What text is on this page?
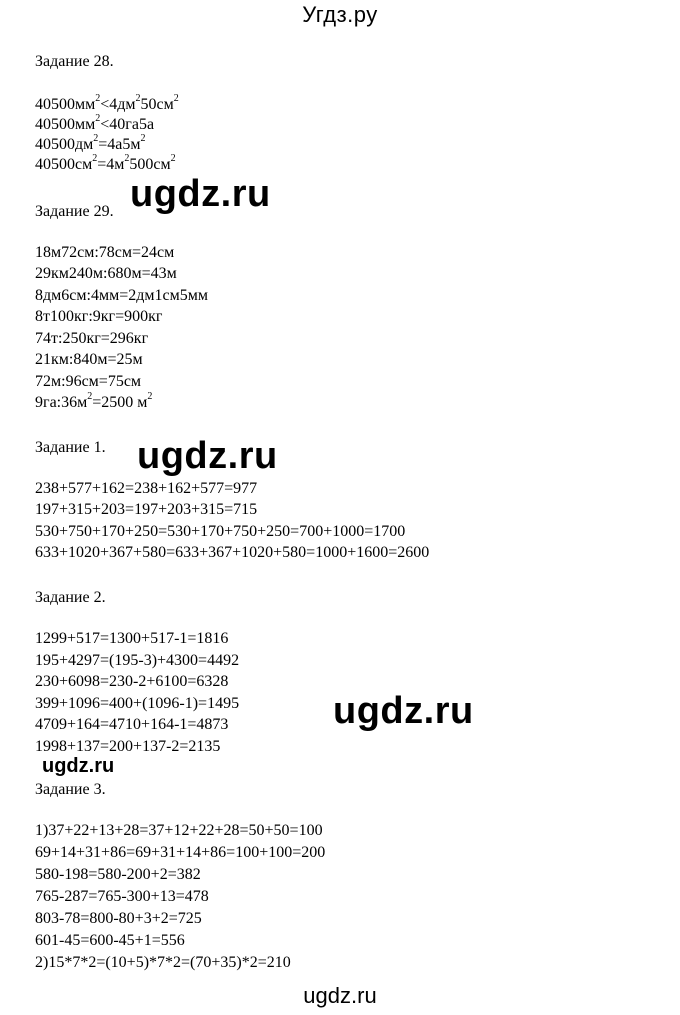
Угдз.ру

Задание 28.

$40500мм^2<4дм^250см^2$

$40500мм^2<40га5а$

$40500дм^2=4а5м^2$

$40500см^2=4м^2500см^2$

Задание 29. ugdz.ru

18м72см:78см=24см

29км240м:680м=43м

8дм6см:4мм=2дм1см5мм

8т100кг:9кг=900кг

74т:250кг=296кг

21км:840м=25м

72м:96см=75см

$9га:36м^2=2500$ $м^2$

Задание 1. ugdz.ru

238+577+162=238+162+577=977

197+315+203=197+203+315=715

530+750+170+250=530+170+750+250=700+1000=1700

633+1020+367+580=633+367+1020+580=1000+1600=2600

Задание 2.

1299+517=1300+517-1=1816

195+4297=(195-3)+4300=4492

230+6098=230-2+6100=6328

399+1096=400+(1096-1)=1495

4709+164=4710+164-1=4873

1998+137=200+137-2=2135

ugdz.ru
ugdz.ru

Задание 3.

1)37+22+13+28=37+12+22+28=50+50=100

69+14+31+86=69+31+14+86=100+100=200

580-198=580-200+2=382

765-287=765-300+13=478

803-78=800-80+3+2=725

601-45=600-45+1=556

2)15*7*2=(10+5)*7*2=(70+35)*2=210

ugdz.ru
